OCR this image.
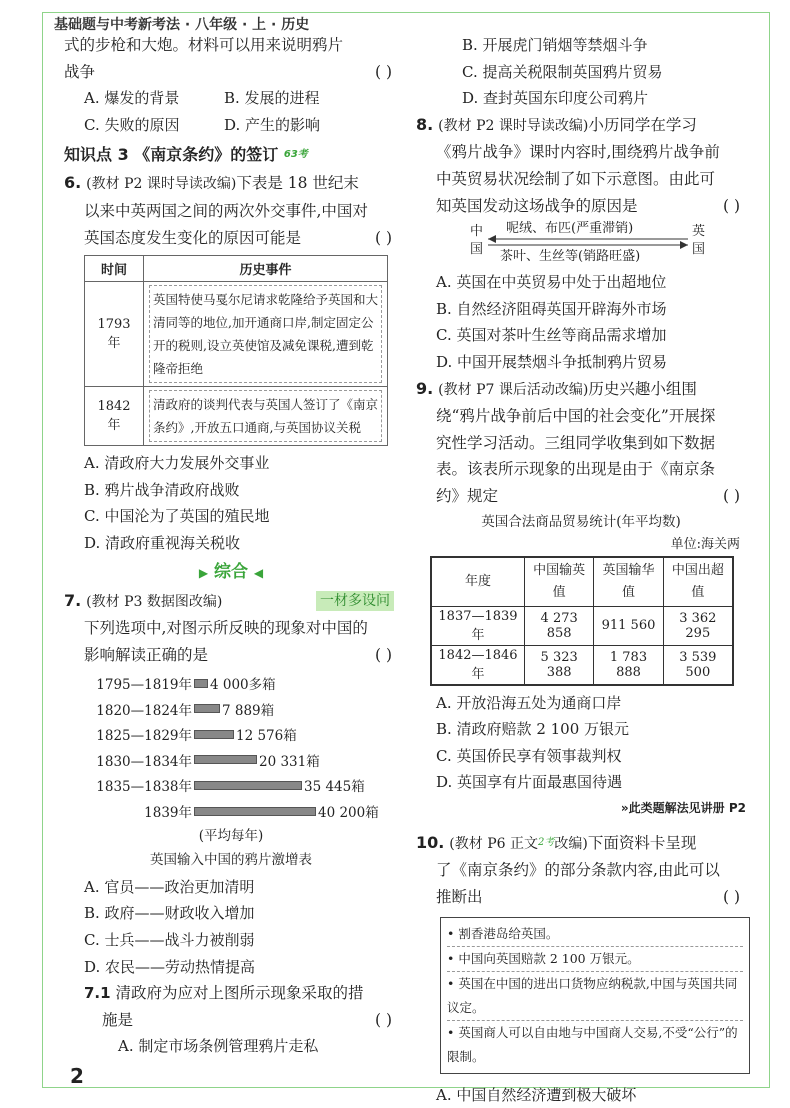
基础题与中考新考法 · 八年级 · 上 · 历史
式的步枪和大炮。材料可以用来说明鸦片
战争	( )
A. 爆发的背景	B. 发展的进程
C. 失败的原因	D. 产生的影响
知识点 3 《南京条约》的签订 $^{63考}$
6. (教材 P2 课时导读改编)下表是 18 世纪末
以来中英两国之间的两次外交事件,中国对
英国态度发生变化的原因可能是	( )
时间	历史事件
1793 年	英国特使马戛尔尼请求乾隆给予英国和大清同等的地位,加开通商口岸,制定固定公开的税则,设立英使馆及减免课税,遭到乾隆帝拒绝

1842 年	清政府的谈判代表与英国人签订了《南京条约》,开放五口通商,与英国协议关税
A. 清政府大力发展外交事业
B. 鸦片战争清政府战败
C. 中国沦为了英国的殖民地
D. 清政府重视海关税收
▶ 综合 ◀
7. (教材 P3 数据图改编)	一材多设问
下列选项中,对图示所反映的现象对中国的
影响解读正确的是	( )
1795—1819年 4 000多箱
1820—1824年 7 889箱
1825—1829年	12 576箱
1830—1834年	20 331箱
1835—1838年	35 445箱
1839年	40 200箱
(平均每年)
英国输入中国的鸦片激增表
A. 官员——政治更加清明
B. 政府——财政收入增加
C. 士兵——战斗力被削弱
D. 农民——劳动热情提高
7.1 清政府为应对上图所示现象采取的措
施是	( )
A. 制定市场条例管理鸦片走私
B. 开展虎门销烟等禁烟斗争
C. 提高关税限制英国鸦片贸易
D. 查封英国东印度公司鸦片
8. (教材 P2 课时导读改编)小历同学在学习
《鸦片战争》课时内容时,围绕鸦片战争前
中英贸易状况绘制了如下示意图。由此可
知英国发动这场战争的原因是	( )
中国
英国
呢绒、布匹(严重滞销)
茶叶、生丝等(销路旺盛)
A. 英国在中英贸易中处于出超地位
B. 自然经济阻碍英国开辟海外市场
C. 英国对茶叶生丝等商品需求增加
D. 中国开展禁烟斗争抵制鸦片贸易
9. (教材 P7 课后活动改编)历史兴趣小组围
绕“鸦片战争前后中国的社会变化”开展探
究性学习活动。三组同学收集到如下数据
表。该表所示现象的出现是由于《南京条
约》规定	( )
英国合法商品贸易统计(年平均数)
单位:海关两
年度	中国输英值	英国输华值	中国出超值
1837—1839 年	4 273 858	911 560	3 362 295
1842—1846 年	5 323 388	1 783 888	3 539 500
A. 开放沿海五处为通商口岸
B. 清政府赔款 2 100 万银元
C. 英国侨民享有领事裁判权
D. 英国享有片面最惠国待遇
»此类题解法见讲册 P2
10. (教材 P6 正文$^{2考}$改编)下面资料卡呈现
了《南京条约》的部分条款内容,由此可以
推断出	( )
• 割香港岛给英国。
• 中国向英国赔款 2 100 万银元。
• 英国在中国的进出口货物应纳税款,中国与英国共同议定。
• 英国商人可以自由地与中国商人交易,不受“公行”的限制。
A. 中国自然经济遭到极大破坏
2
